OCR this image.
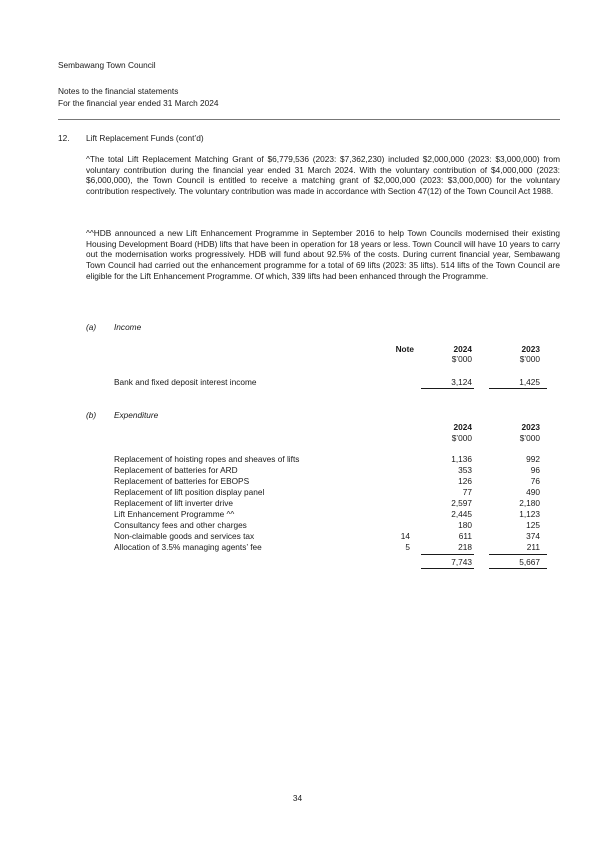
Sembawang Town Council
Notes to the financial statements
For the financial year ended 31 March 2024
12. Lift Replacement Funds (cont’d)
^The total Lift Replacement Matching Grant of $6,779,536 (2023: $7,362,230) included $2,000,000 (2023: $3,000,000) from voluntary contribution during the financial year ended 31 March 2024. With the voluntary contribution of $4,000,000 (2023: $6,000,000), the Town Council is entitled to receive a matching grant of $2,000,000 (2023: $3,000,000) for the voluntary contribution respectively. The voluntary contribution was made in accordance with Section 47(12) of the Town Council Act 1988.
^^HDB announced a new Lift Enhancement Programme in September 2016 to help Town Councils modernised their existing Housing Development Board (HDB) lifts that have been in operation for 18 years or less. Town Council will have 10 years to carry out the modernisation works progressively. HDB will fund about 92.5% of the costs. During current financial year, Sembawang Town Council had carried out the enhancement programme for a total of 69 lifts (2023: 35 lifts). 514 lifts of the Town Council are eligible for the Lift Enhancement Programme. Of which, 339 lifts had been enhanced through the Programme.
(a) Income
Note	2024	2023
$’000	$’000
Bank and fixed deposit interest income	3,124	1,425
(b) Expenditure
2024	2023
$’000	$’000
Replacement of hoisting ropes and sheaves of lifts	1,136	992
Replacement of batteries for ARD	353	96
Replacement of batteries for EBOPS	126	76
Replacement of lift position display panel	77	490
Replacement of lift inverter drive	2,597	2,180
Lift Enhancement Programme ^^	2,445	1,123
Consultancy fees and other charges	180	125
Non-claimable goods and services tax	14	611	374
Allocation of 3.5% managing agents’ fee	5	218	211
7,743	5,667
34
